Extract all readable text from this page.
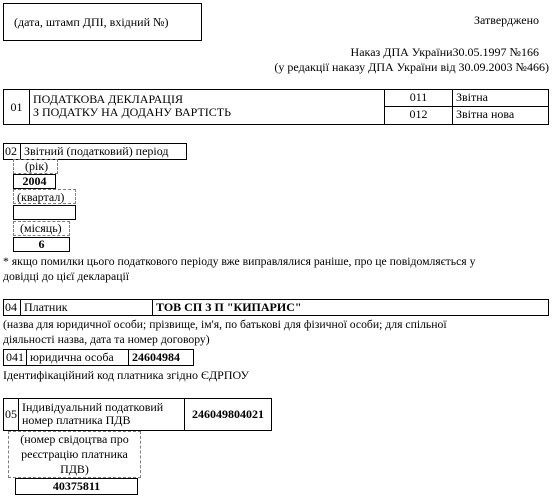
(дата, штамп ДПІ, вхідний №)	Затверджено
Наказ ДПА України30.05.1997 №166
(у редакції наказу ДПА України від 30.09.2003 №466)
01
ПОДАТКОВА ДЕКЛАРАЦІЯ
З ПОДАТКУ НА ДОДАНУ ВАРТІСТЬ
011	Звітна
012	Звітна нова
02 Звітний (податковий) період
(рік)
2004
(квартал)
(місяць)
6
* якщо помилки цього податкового періоду вже виправлялися раніше, про це повідомляється у
довідці до цієї декларації
04 Платник	ТОВ СП З П "КИПАРИС"
(назва для юридичної особи; прізвище, ім'я, по батькові для фізичної особи; для спільної
діяльності назва, дата та номер договору)
041 юридична особа	24604984
Ідентифікаційний код платника згідно ЄДРПОУ
05 Індивідуальний податковий
номер платника ПДВ	246049804021
(номер свідоцтва про
реєстрацію платника
ПДВ)
40375811
